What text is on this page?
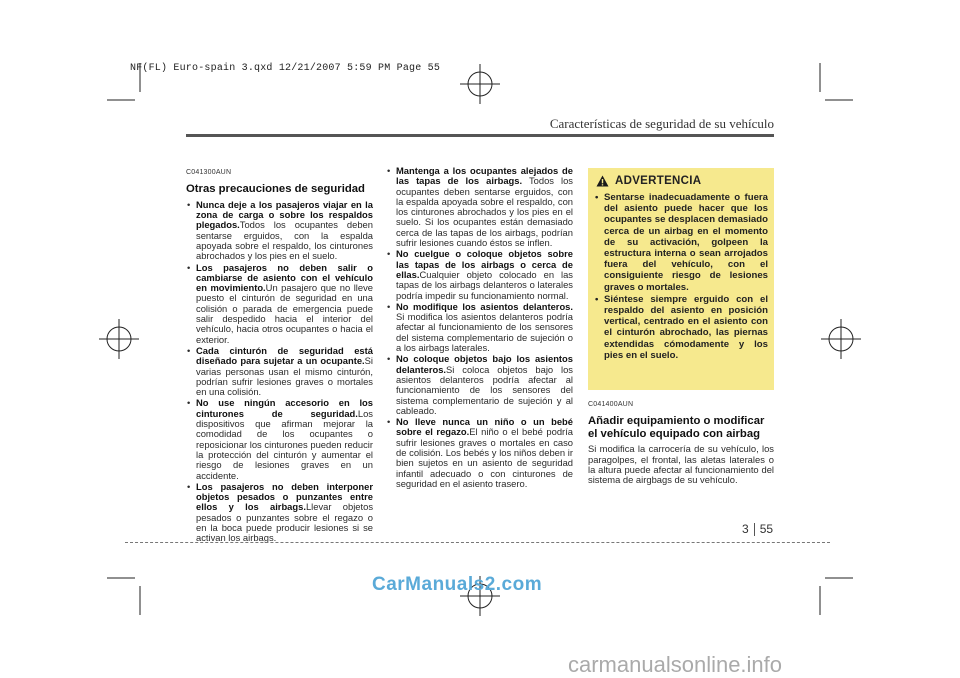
NF(FL) Euro-spain 3.qxd 12/21/2007 5:59 PM Page 55
Características de seguridad de su vehículo
C041300AUN
Otras precauciones de seguridad
• Nunca deje a los pasajeros viajar en la zona de carga o sobre los respaldos plegados.Todos los ocupantes deben sentarse erguidos, con la espalda apoyada sobre el respaldo, los cinturones abrochados y los pies en el suelo.
• Los pasajeros no deben salir o cambiarse de asiento con el vehículo en movimiento.Un pasajero que no lleve puesto el cinturón de seguridad en una colisión o parada de emergencia puede salir despedido hacia el interior del vehículo, hacia otros ocupantes o hacia el exterior.
• Cada cinturón de seguridad está diseñado para sujetar a un ocupante.Si varias personas usan el mismo cinturón, podrían sufrir lesiones graves o mortales en una colisión.
• No use ningún accesorio en los cinturones de seguridad.Los dispositivos que afirman mejorar la comodidad de los ocupantes o reposicionar los cinturones pueden reducir la protección del cinturón y aumentar el riesgo de lesiones graves en un accidente.
• Los pasajeros no deben interponer objetos pesados o punzantes entre ellos y los airbags.Llevar objetos pesados o punzantes sobre el regazo o en la boca puede producir lesiones si se activan los airbags.
• Mantenga a los ocupantes alejados de las tapas de los airbags. Todos los ocupantes deben sentarse erguidos, con la espalda apoyada sobre el respaldo, con los cinturones abrochados y los pies en el suelo. Si los ocupantes están demasiado cerca de las tapas de los airbags, podrían sufrir lesiones cuando éstos se inflen.
• No cuelgue o coloque objetos sobre las tapas de los airbags o cerca de ellas.Cualquier objeto colocado en las tapas de los airbags delanteros o laterales podría impedir su funcionamiento normal.
• No modifique los asientos delanteros. Si modifica los asientos delanteros podría afectar al funcionamiento de los sensores del sistema complementario de sujeción o a los airbags laterales.
• No coloque objetos bajo los asientos delanteros.Si coloca objetos bajo los asientos delanteros podría afectar al funcionamiento de los sensores del sistema complementario de sujeción y al cableado.
• No lleve nunca un niño o un bebé sobre el regazo.El niño o el bebé podría sufrir lesiones graves o mortales en caso de colisión. Los bebés y los niños deben ir bien sujetos en un asiento de seguridad infantil adecuado o con cinturones de seguridad en el asiento trasero.
ADVERTENCIA
• Sentarse inadecuadamente o fuera del asiento puede hacer que los ocupantes se desplacen demasiado cerca de un airbag en el momento de su activación, golpeen la estructura interna o sean arrojados fuera del vehículo, con el consiguiente riesgo de lesiones graves o mortales.
• Siéntese siempre erguido con el respaldo del asiento en posición vertical, centrado en el asiento con el cinturón abrochado, las piernas extendidas cómodamente y los pies en el suelo.
C041400AUN
Añadir equipamiento o modificar el vehículo equipado con airbag

Si modifica la carrocería de su vehículo, los paragolpes, el frontal, las aletas laterales o la altura puede afectar al funcionamiento del sistema de airgbags de su vehículo.

3 55
CarManuals2.com
carmanualsonline.info
